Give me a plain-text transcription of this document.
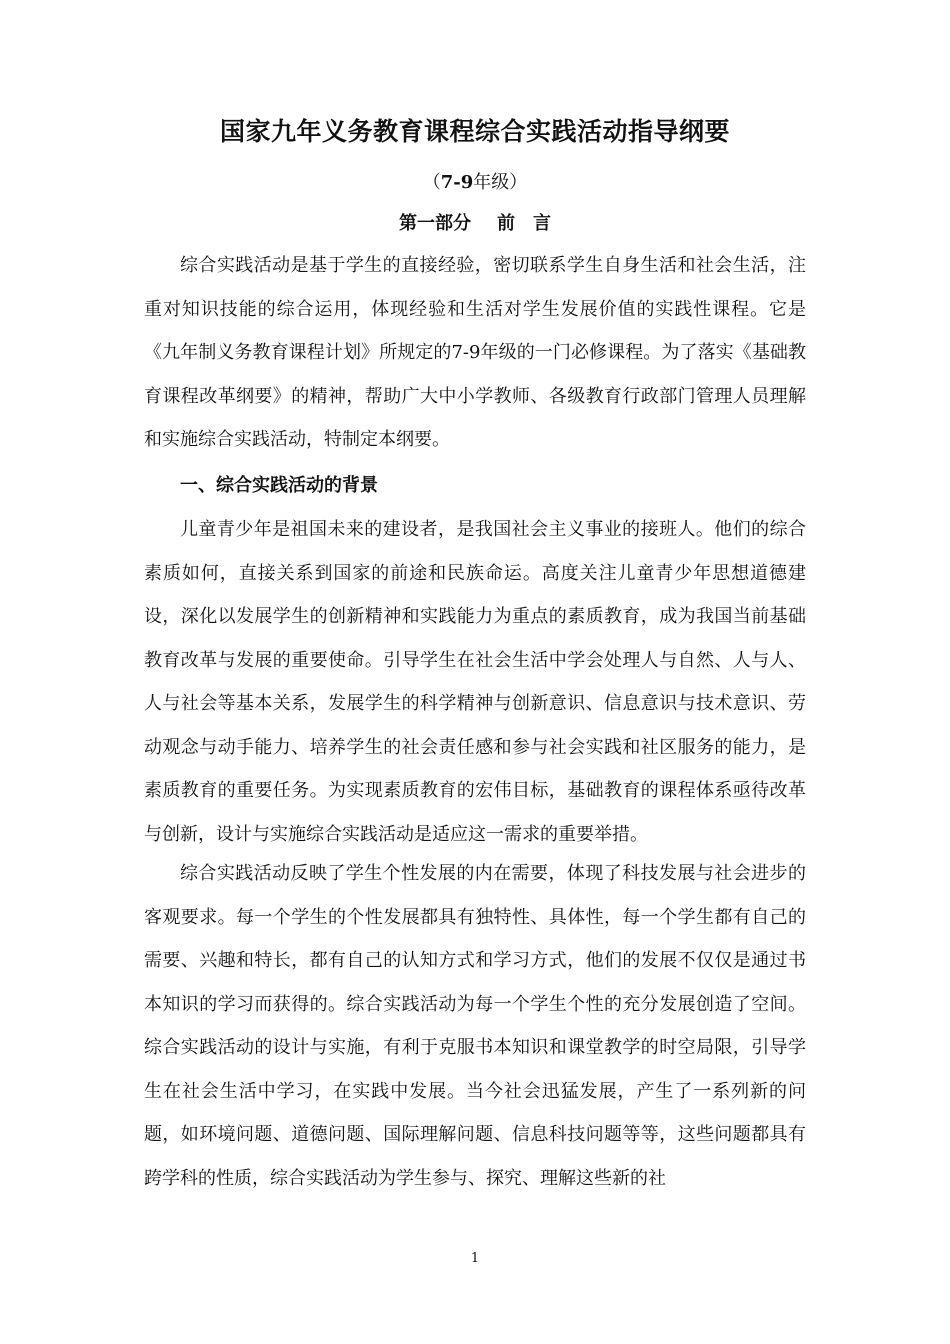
国家九年义务教育课程综合实践活动指导纲要
（7-9年级）
第一部分 前 言

综合实践活动是基于学生的直接经验，密切联系学生自身生活和社会生活，注重对知识技能的综合运用，体现经验和生活对学生发展价值的实践性课程。它是《九年制义务教育课程计划》所规定的7-9年级的一门必修课程。为了落实《基础教育课程改革纲要》的精神，帮助广大中小学教师、各级教育行政部门管理人员理解和实施综合实践活动，特制定本纲要。

一、综合实践活动的背景

儿童青少年是祖国未来的建设者，是我国社会主义事业的接班人。他们的综合素质如何，直接关系到国家的前途和民族命运。高度关注儿童青少年思想道德建设，深化以发展学生的创新精神和实践能力为重点的素质教育，成为我国当前基础教育改革与发展的重要使命。引导学生在社会生活中学会处理人与自然、人与人、人与社会等基本关系，发展学生的科学精神与创新意识、信息意识与技术意识、劳动观念与动手能力、培养学生的社会责任感和参与社会实践和社区服务的能力，是素质教育的重要任务。为实现素质教育的宏伟目标，基础教育的课程体系亟待改革与创新，设计与实施综合实践活动是适应这一需求的重要举措。

综合实践活动反映了学生个性发展的内在需要，体现了科技发展与社会进步的客观要求。每一个学生的个性发展都具有独特性、具体性，每一个学生都有自己的需要、兴趣和特长，都有自己的认知方式和学习方式，他们的发展不仅仅是通过书本知识的学习而获得的。综合实践活动为每一个学生个性的充分发展创造了空间。综合实践活动的设计与实施，有利于克服书本知识和课堂教学的时空局限，引导学生在社会生活中学习，在实践中发展。当今社会迅猛发展，产生了一系列新的问题，如环境问题、道德问题、国际理解问题、信息科技问题等等，这些问题都具有跨学科的性质，综合实践活动为学生参与、探究、理解这些新的社

1
